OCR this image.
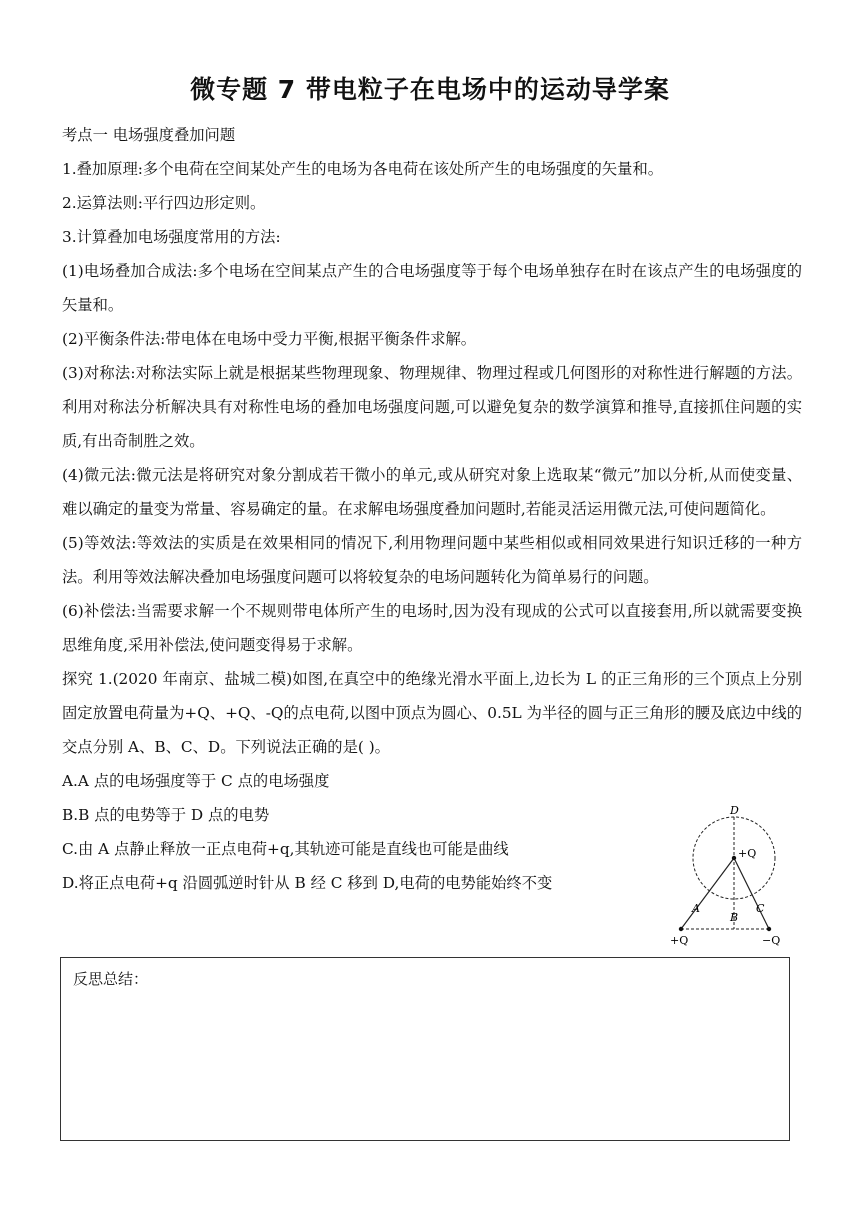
微专题 7 带电粒子在电场中的运动导学案
考点一 电场强度叠加问题
1.叠加原理:多个电荷在空间某处产生的电场为各电荷在该处所产生的电场强度的矢量和。
2.运算法则:平行四边形定则。
3.计算叠加电场强度常用的方法:
(1)电场叠加合成法:多个电场在空间某点产生的合电场强度等于每个电场单独存在时在该点产生的电场强度的矢量和。
(2)平衡条件法:带电体在电场中受力平衡,根据平衡条件求解。
(3)对称法:对称法实际上就是根据某些物理现象、物理规律、物理过程或几何图形的对称性进行解题的方法。利用对称法分析解决具有对称性电场的叠加电场强度问题,可以避免复杂的数学演算和推导,直接抓住问题的实质,有出奇制胜之效。
(4)微元法:微元法是将研究对象分割成若干微小的单元,或从研究对象上选取某“微元”加以分析,从而使变量、难以确定的量变为常量、容易确定的量。在求解电场强度叠加问题时,若能灵活运用微元法,可使问题简化。
(5)等效法:等效法的实质是在效果相同的情况下,利用物理问题中某些相似或相同效果进行知识迁移的一种方法。利用等效法解决叠加电场强度问题可以将较复杂的电场问题转化为简单易行的问题。
(6)补偿法:当需要求解一个不规则带电体所产生的电场时,因为没有现成的公式可以直接套用,所以就需要变换思维角度,采用补偿法,使问题变得易于求解。
探究 1.(2020 年南京、盐城二模)如图,在真空中的绝缘光滑水平面上,边长为 L 的正三角形的三个顶点上分别固定放置电荷量为+Q、+Q、-Q的点电荷,以图中顶点为圆心、0.5L 为半径的圆与正三角形的腰及底边中线的交点分别 A、B、C、D。下列说法正确的是( )。
A.A 点的电场强度等于 C 点的电场强度
B.B 点的电势等于 D 点的电势
C.由 A 点静止释放一正点电荷+q,其轨迹可能是直线也可能是曲线
D.将正点电荷+q 沿圆弧逆时针从 B 经 C 移到 D,电荷的电势能始终不变
D
+Q
A
B
C
+Q	−Q
反思总结：
